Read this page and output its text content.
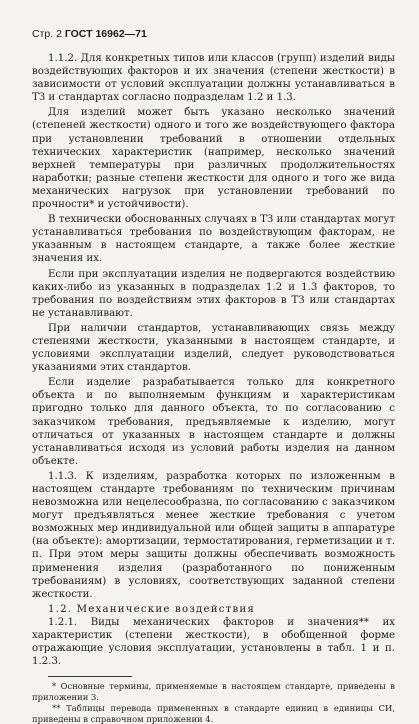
Стр. 2 ГОСТ 16962—71

1.1.2. Для конкретных типов или классов (групп) изделий виды воздействующих факторов и их значения (степени жесткости) в зависимости от условий эксплуатации должны устанавливаться в ТЗ и стандартах согласно подразделам 1.2 и 1.3.

Для изделий может быть указано несколько значений (степеней жесткости) одного и того же воздействующего фактора при установлении требований в отношении отдельных технических характеристик (например, несколько значений верхней температуры при различных продолжительностях наработки; разные степени жесткости для одного и того же вида механических нагрузок при установлении требований по прочности* и устойчивости).

В технически обоснованных случаях в ТЗ или стандартах могут устанавливаться требования по воздействующим факторам, не указанным в настоящем стандарте, а также более жесткие значения их.

Если при эксплуатации изделия не подвергаются воздействию каких-либо из указанных в подразделах 1.2 и 1.3 факторов, то требования по воздействиям этих факторов в ТЗ или стандартах не устанавливают.

При наличии стандартов, устанавливающих связь между степенями жесткости, указанными в настоящем стандарте, и условиями эксплуатации изделий, следует руководствоваться указаниями этих стандартов.

Если изделие разрабатывается только для конкретного объекта и по выполняемым функциям и характеристикам пригодно только для данного объекта, то по согласованию с заказчиком требования, предъявляемые к изделию, могут отличаться от указанных в настоящем стандарте и должны устанавливаться исходя из условий работы изделия на данном объекте.

1.1.3. К изделиям, разработка которых по изложенным в настоящем стандарте требованиям по техническим причинам невозможна или нецелесообразна, по согласованию с заказчиком могут предъявляться менее жесткие требования с учетом возможных мер индивидуальной или общей защиты в аппаратуре (на объекте): амортизации, термостатирования, герметизации и т. п. При этом меры защиты должны обеспечивать возможность применения изделия (разработанного по пониженным требованиям) в условиях, соответствующих заданной степени жесткости.

1.2. Механические воздействия

1.2.1. Виды механических факторов и значения** их характеристик (степени жесткости), в обобщенной форме отражающие условия эксплуатации, установлены в табл. 1 и п. 1.2.3.

* Основные термины, применяемые в настоящем стандарте, приведены в приложении 3.

** Таблицы перевода примененных в стандарте единиц в единицы СИ, приведены в справочном приложении 4.
